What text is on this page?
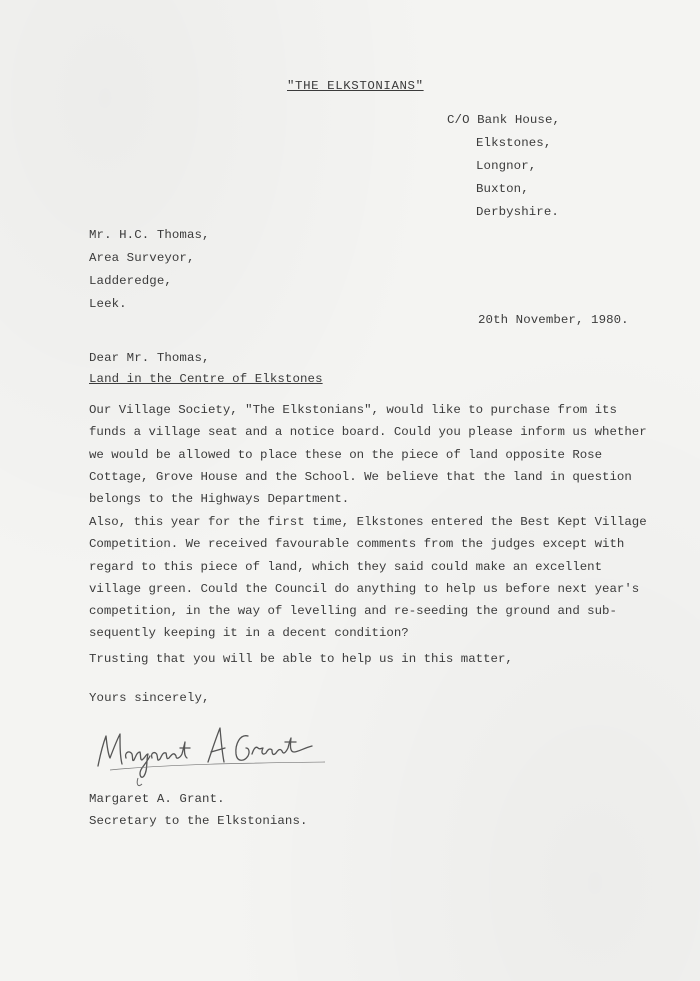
"THE ELKSTONIANS"
C/O Bank House,
Elkstones,
Longnor,
Buxton,
Derbyshire.
Mr. H.C. Thomas,
Area Surveyor,
Ladderedge,
Leek.
20th November, 1980.
Dear Mr. Thomas,
Land in the Centre of Elkstones
Our Village Society, "The Elkstonians", would like to purchase from its
funds a village seat and a notice board. Could you please inform us whether
we would be allowed to place these on the piece of land opposite Rose
Cottage, Grove House and the School. We believe that the land in question
belongs to the Highways Department.
Also, this year for the first time, Elkstones entered the Best Kept Village
Competition. We received favourable comments from the judges except with
regard to this piece of land, which they said could make an excellent
village green. Could the Council do anything to help us before next year's
competition, in the way of levelling and re-seeding the ground and sub-
sequently keeping it in a decent condition?
Trusting that you will be able to help us in this matter,
Yours sincerely,
Margaret A. Grant.
Secretary to the Elkstonians.
